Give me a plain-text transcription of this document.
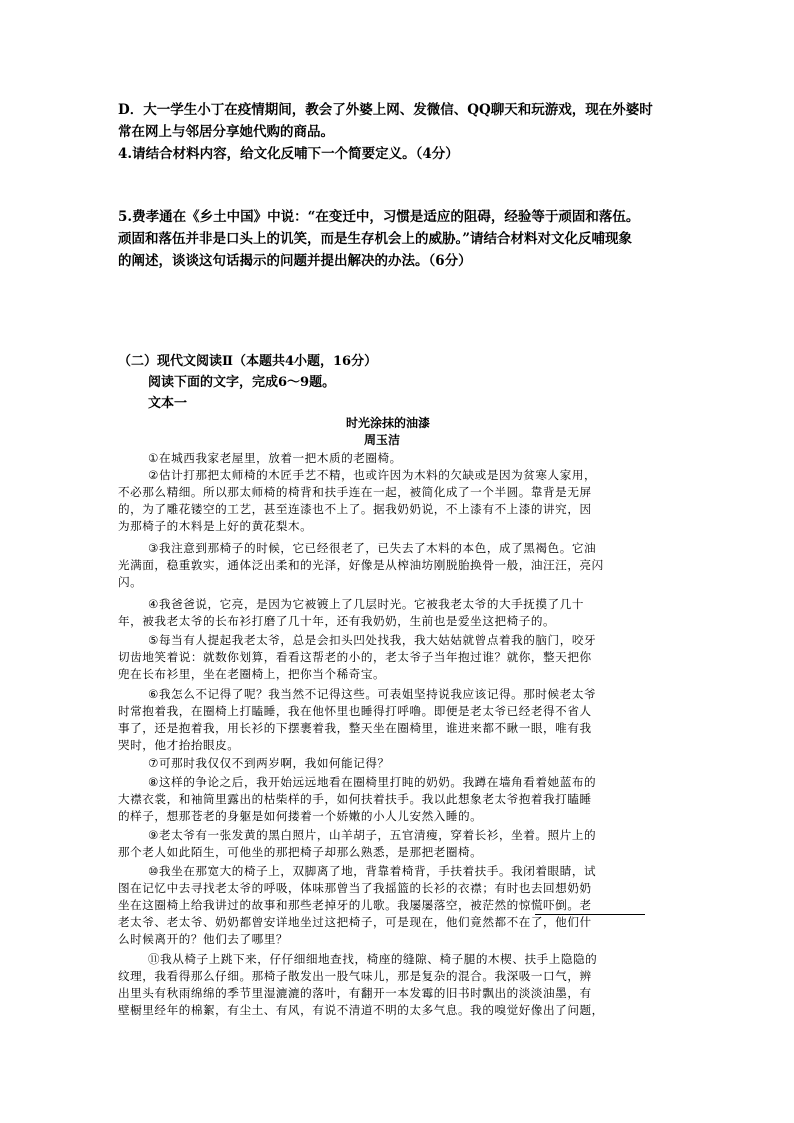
D．大一学生小丁在疫情期间，教会了外婆上网、发微信、QQ聊天和玩游戏，现在外婆时
常在网上与邻居分享她代购的商品。
4.请结合材料内容，给文化反哺下一个简要定义。（4分）
5.费孝通在《乡土中国》中说：“在变迁中，习惯是适应的阻碍，经验等于顽固和落伍。
顽固和落伍并非是口头上的讥笑，而是生存机会上的威胁。”请结合材料对文化反哺现象
的阐述，谈谈这句话揭示的问题并提出解决的办法。（6分）
（二）现代文阅读Ⅱ（本题共4小题，16分）
阅读下面的文字，完成6～9题。
文本一
时光涂抹的油漆
周玉洁
①在城西我家老屋里，放着一把木质的老圈椅。
②估计打那把太师椅的木匠手艺不精，也或许因为木料的欠缺或是因为贫寒人家用，
不必那么精细。所以那太师椅的椅背和扶手连在一起，被简化成了一个半圆。靠背是无屏
的，为了雕花镂空的工艺，甚至连漆也不上了。据我奶奶说，不上漆有不上漆的讲究，因
为那椅子的木料是上好的黄花梨木。
③我注意到那椅子的时候，它已经很老了，已失去了木料的本色，成了黑褐色。它油
光满面，稳重敦实，通体泛出柔和的光泽，好像是从榨油坊刚脱胎换骨一般，油汪汪，亮闪
闪。
④我爸爸说，它亮，是因为它被镀上了几层时光。它被我老太爷的大手抚摸了几十
年，被我老太爷的长布衫打磨了几十年，还有我奶奶，生前也是爱坐这把椅子的。
⑤每当有人提起我老太爷，总是会扣头凹处找我，我大姑姑就曾点着我的脑门，咬牙
切齿地笑着说：就数你划算，看看这帮老的小的，老太爷子当年抱过谁？就你，整天把你
兜在长布衫里，坐在老圈椅上，把你当个稀奇宝。
⑥我怎么不记得了呢？我当然不记得这些。可表姐坚持说我应该记得。那时候老太爷
时常抱着我，在圈椅上打瞌睡，我在他怀里也睡得打呼噜。即便是老太爷已经老得不省人
事了，还是抱着我，用长衫的下摆裹着我，整天坐在圈椅里，谁进来都不瞅一眼，唯有我
哭时，他才抬抬眼皮。
⑦可那时我仅仅不到两岁啊，我如何能记得？
⑧这样的争论之后，我开始远远地看在圈椅里打盹的奶奶。我蹲在墙角看着她蓝布的
大襟衣裳，和袖筒里露出的枯柴样的手，如何扶着扶手。我以此想象老太爷抱着我打瞌睡
的样子，想那苍老的身躯是如何搂着一个娇嫩的小人儿安然入睡的。
⑨老太爷有一张发黄的黑白照片，山羊胡子，五官清瘦，穿着长衫，坐着。照片上的
那个老人如此陌生，可他坐的那把椅子却那么熟悉，是那把老圈椅。
⑩我坐在那宽大的椅子上，双脚离了地，背靠着椅背，手扶着扶手。我闭着眼睛，试
图在记忆中去寻找老太爷的呼吸，体味那曾当了我摇篮的长衫的衣襟；有时也去回想奶奶
坐在这圈椅上给我讲过的故事和那些老掉牙的儿歌。我屡屡落空，被茫然的惊慌吓倒。老
老太爷、老太爷、奶奶都曾安详地坐过这把椅子，可是现在，他们竟然都不在了，他们什
么时候离开的？他们去了哪里？
⑪我从椅子上跳下来，仔仔细细地查找，椅座的缝隙、椅子腿的木楔、扶手上隐隐的
纹理，我看得那么仔细。那椅子散发出一股气味儿，那是复杂的混合。我深吸一口气，辨
出里头有秋雨绵绵的季节里湿漉漉的落叶，有翻开一本发霉的旧书时飘出的淡淡油墨，有
壁橱里经年的棉絮，有尘土、有风，有说不清道不明的太多气息。我的嗅觉好像出了问题，
